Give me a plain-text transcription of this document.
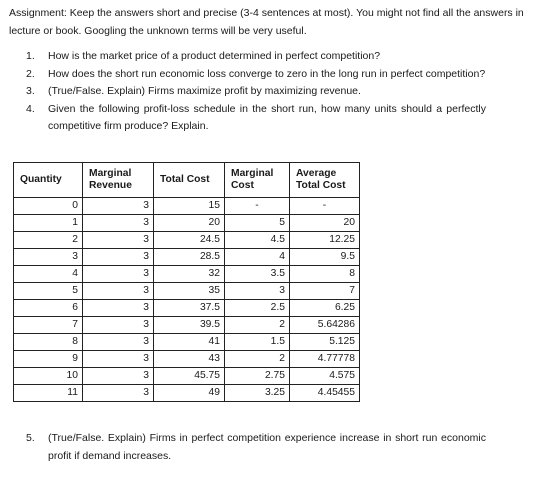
Assignment: Keep the answers short and precise (3-4 sentences at most). You might not find all the answers in lecture or book. Googling the unknown terms will be very useful.
1. How is the market price of a product determined in perfect competition?
2. How does the short run economic loss converge to zero in the long run in perfect competition?
3. (True/False. Explain) Firms maximize profit by maximizing revenue.
4. Given the following profit-loss schedule in the short run, how many units should a perfectly competitive firm produce? Explain.
Quantity	Marginal Revenue	Total Cost	Marginal Cost	Average Total Cost
0	3	15	-	-
1	3	20	5	20
2	3	24.5	4.5	12.25
3	3	28.5	4	9.5
4	3	32	3.5	8
5	3	35	3	7
6	3	37.5	2.5	6.25
7	3	39.5	2	5.64286
8	3	41	1.5	5.125
9	3	43	2	4.77778
10	3	45.75	2.75	4.575
11	3	49	3.25	4.45455
5. (True/False. Explain) Firms in perfect competition experience increase in short run economic profit if demand increases.
